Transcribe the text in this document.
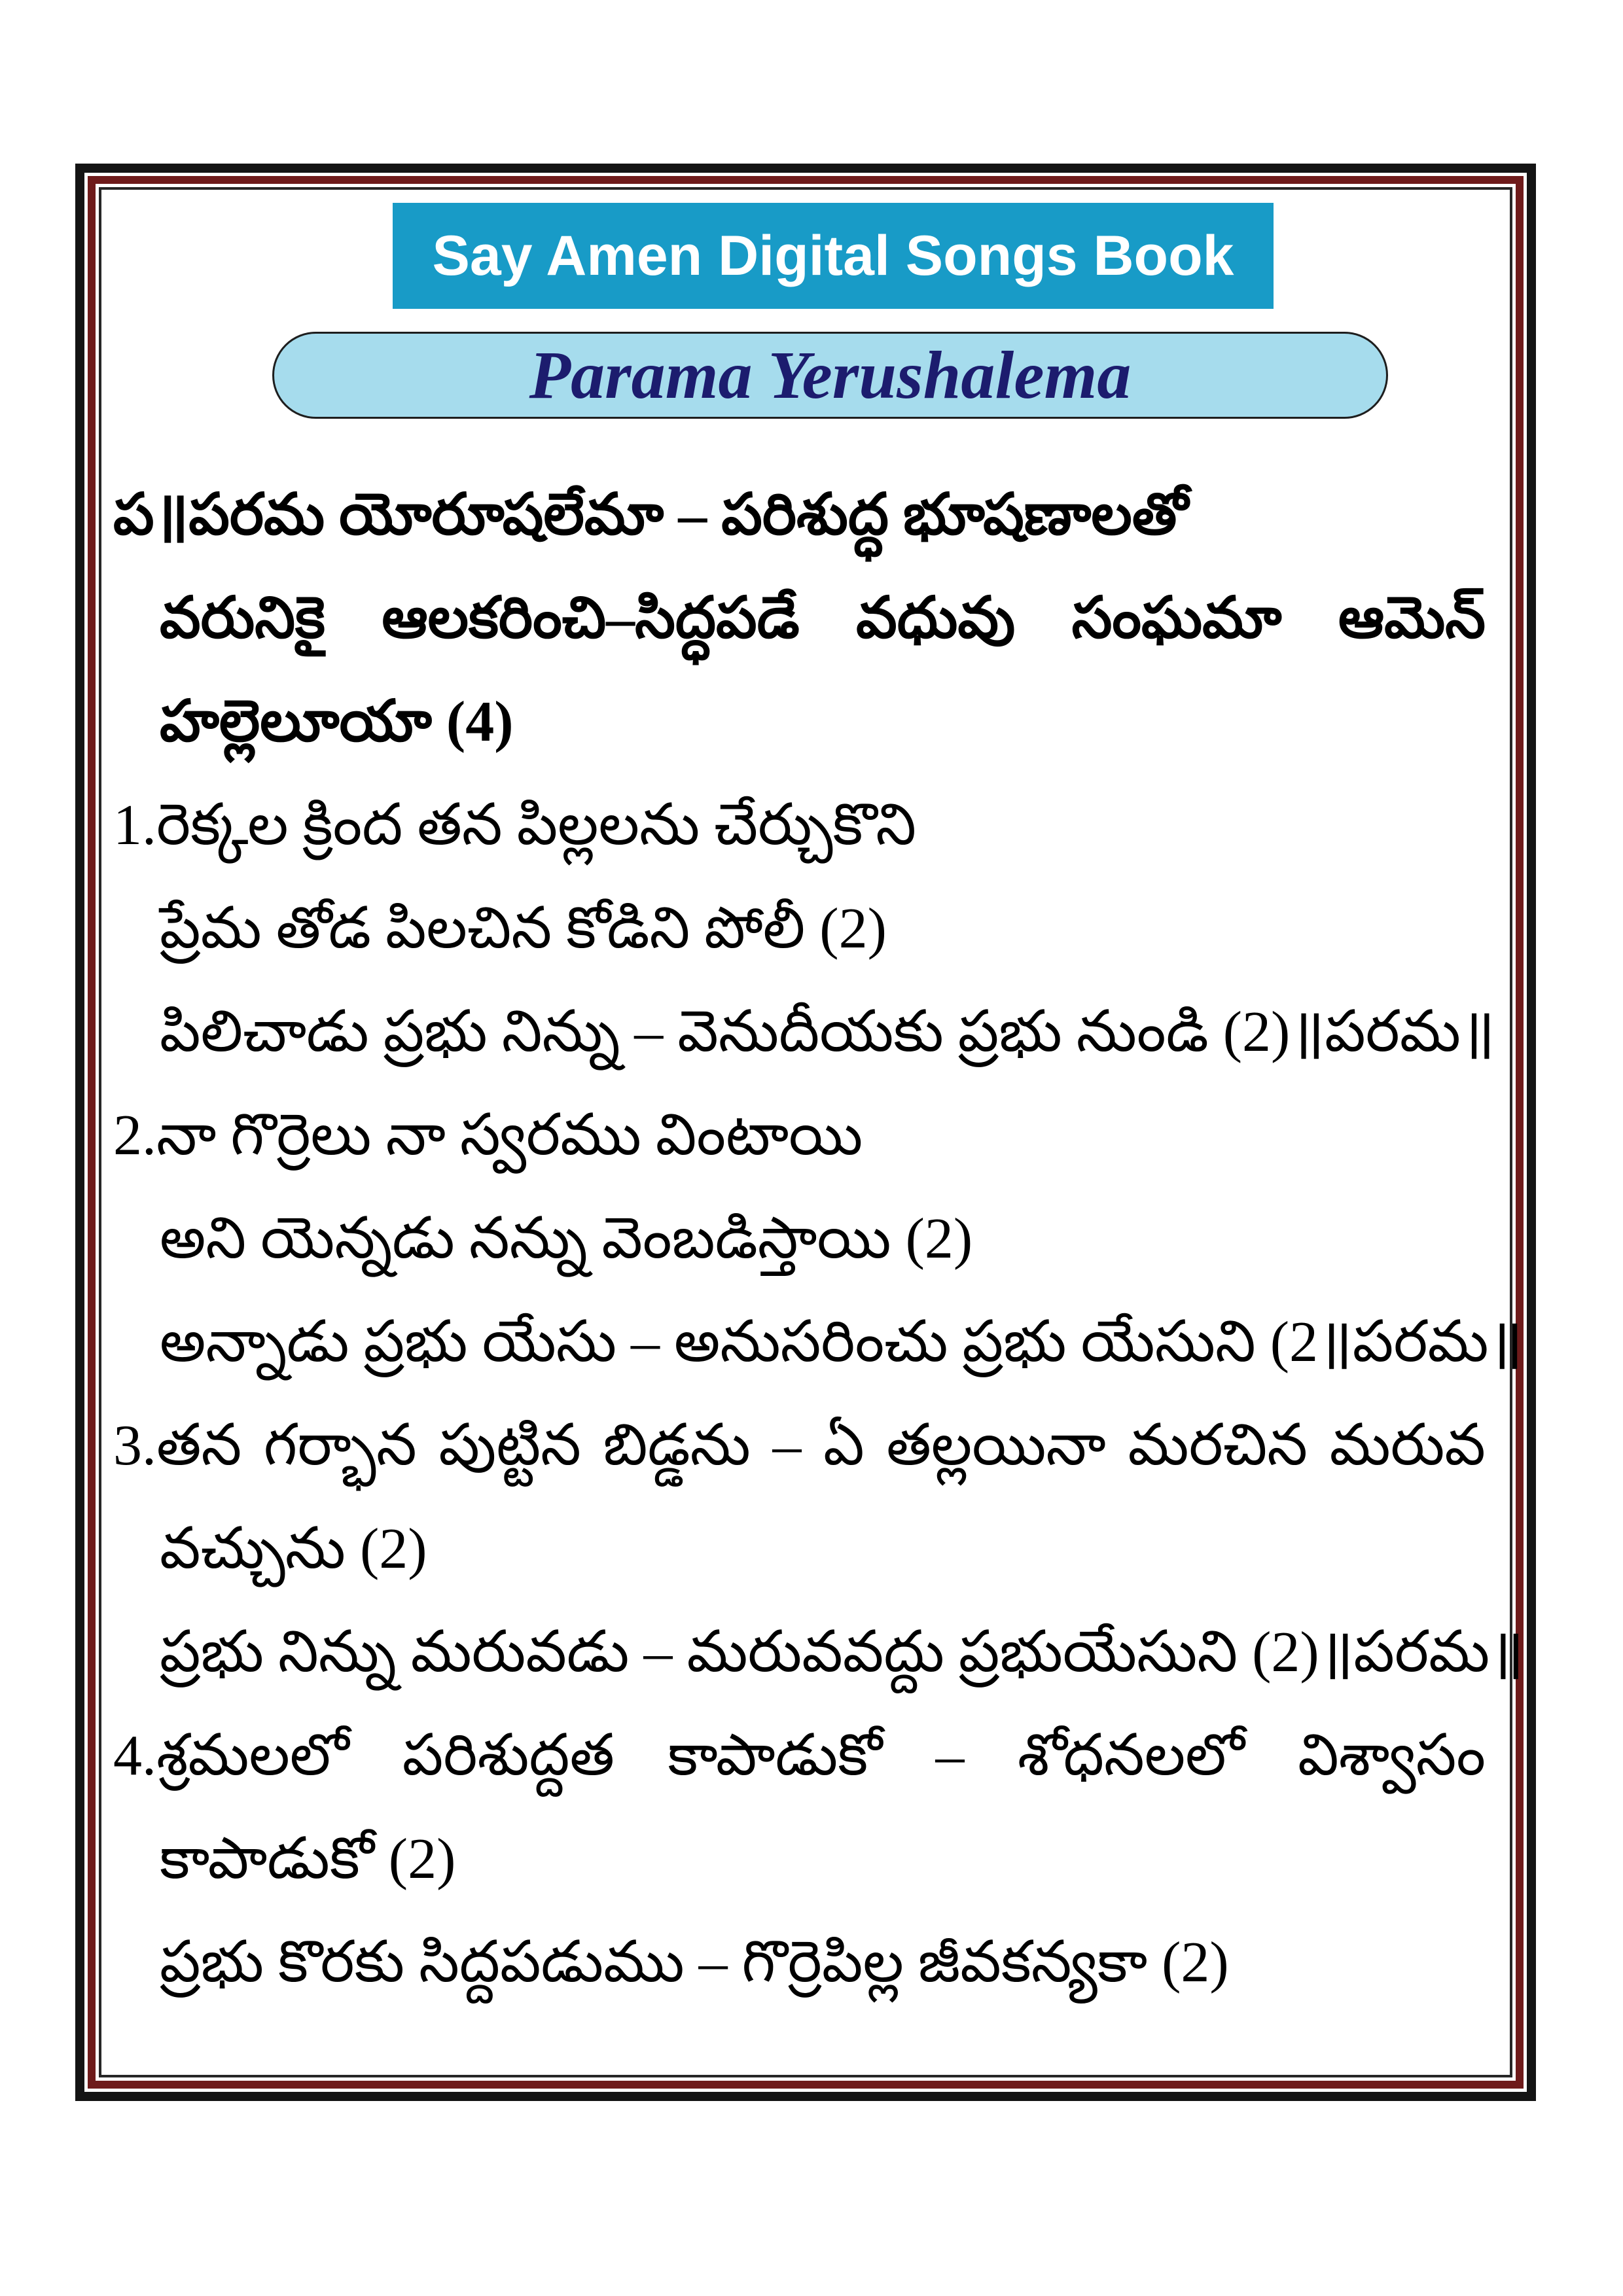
Say Amen Digital Songs Book
Parama Yerushalema
ప॥పరమ యోరూషలేమా – పరిశుద్ధ భూషణాలతో
వరునికై ఆలకరించి–సిద్ధపడే వధువు సంఘమా ఆమెన్
హల్లెలూయా (4)
1.రెక్కల క్రింద తన పిల్లలను చేర్చుకొని
ప్రేమ తోడ పిలచిన కోడిని పోలీ (2)
పిలిచాడు ప్రభు నిన్ను – వెనుదీయకు ప్రభు నుండి (2)॥పరమ॥
2.నా గొర్రెలు నా స్వరము వింటాయి
అని యెన్నడు నన్ను వెంబడిస్తాయి (2)
అన్నాడు ప్రభు యేసు – అనుసరించు ప్రభు యేసుని (2॥పరమ॥
3.తన గర్భాన పుట్టిన బిడ్డను – ఏ తల్లయినా మరచిన మరువ
వచ్చును (2)
ప్రభు నిన్ను మరువడు – మరువవద్దు ప్రభుయేసుని (2)॥పరమ॥
4.శ్రమలలో పరిశుద్దత కాపాడుకో – శోధనలలో విశ్వాసం
కాపాడుకో (2)
ప్రభు కొరకు సిద్దపడుము – గొర్రెపిల్ల జీవకన్యకా (2)
